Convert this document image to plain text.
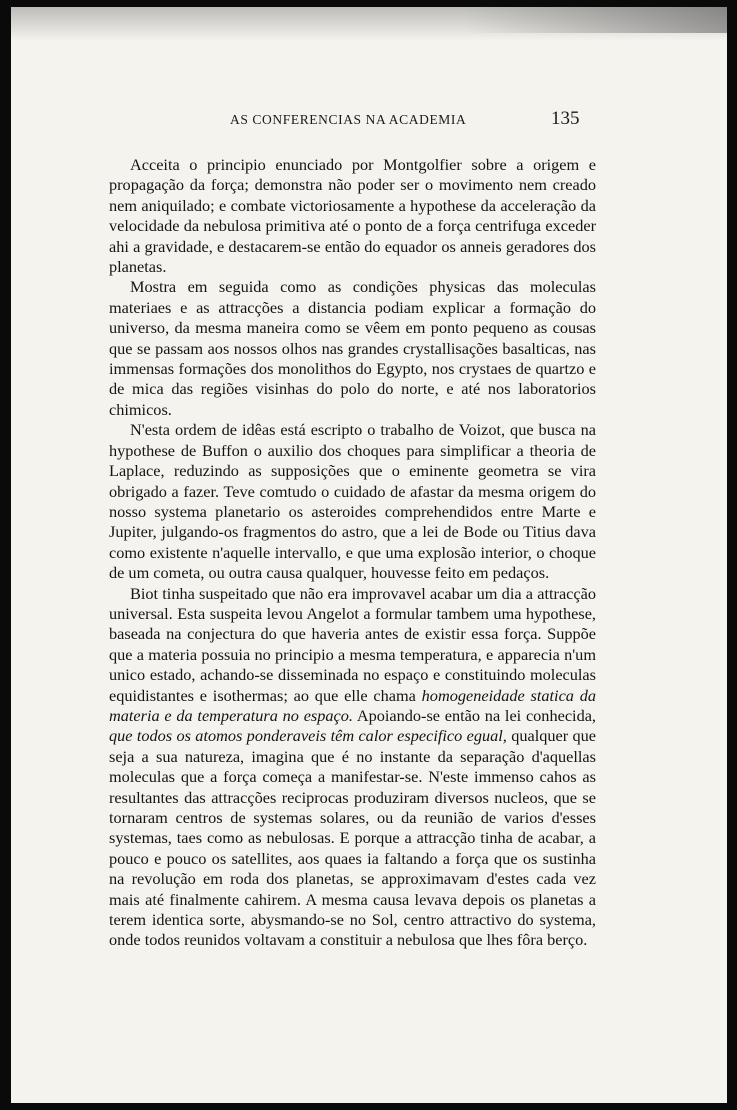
AS CONFERENCIAS NA ACADEMIA	135

Acceita o principio enunciado por Montgolfier sobre a origem e propagação da força; demonstra não poder ser o movimento nem creado nem aniquilado; e combate victoriosamente a hypothese da acceleração da velocidade da nebulosa primitiva até o ponto de a força centrifuga exceder ahi a gravidade, e destacarem-se então do equador os anneis geradores dos planetas.

Mostra em seguida como as condições physicas das moleculas materiaes e as attracções a distancia podiam explicar a formação do universo, da mesma maneira como se vêem em ponto pequeno as cousas que se passam aos nossos olhos nas grandes crystallisações basalticas, nas immensas formações dos monolithos do Egypto, nos crystaes de quartzo e de mica das regiões visinhas do polo do norte, e até nos laboratorios chimicos.

N'esta ordem de idêas está escripto o trabalho de Voizot, que busca na hypothese de Buffon o auxilio dos choques para simplificar a theoria de Laplace, reduzindo as supposições que o eminente geometra se vira obrigado a fazer. Teve comtudo o cuidado de afastar da mesma origem do nosso systema planetario os asteroides comprehendidos entre Marte e Jupiter, julgando-os fragmentos do astro, que a lei de Bode ou Titius dava como existente n'aquelle intervallo, e que uma explosão interior, o choque de um cometa, ou outra causa qualquer, houvesse feito em pedaços.

Biot tinha suspeitado que não era improvavel acabar um dia a attracção universal. Esta suspeita levou Angelot a formular tambem uma hypothese, baseada na conjectura do que haveria antes de existir essa força. Suppõe que a materia possuia no principio a mesma temperatura, e apparecia n'um unico estado, achando-se disseminada no espaço e constituindo moleculas equidistantes e isothermas; ao que elle chama homogeneidade statica da materia e da temperatura no espaço. Apoiando-se então na lei conhecida, que todos os atomos ponderaveis têm calor especifico egual, qualquer que seja a sua natureza, imagina que é no instante da separação d'aquellas moleculas que a força começa a manifestar-se. N'este immenso cahos as resultantes das attracções reciprocas produziram diversos nucleos, que se tornaram centros de systemas solares, ou da reunião de varios d'esses systemas, taes como as nebulosas. E porque a attracção tinha de acabar, a pouco e pouco os satellites, aos quaes ia faltando a força que os sustinha na revolução em roda dos planetas, se approximavam d'estes cada vez mais até finalmente cahirem. A mesma causa levava depois os planetas a terem identica sorte, abysmando-se no Sol, centro attractivo do systema, onde todos reunidos voltavam a constituir a nebulosa que lhes fôra berço.
